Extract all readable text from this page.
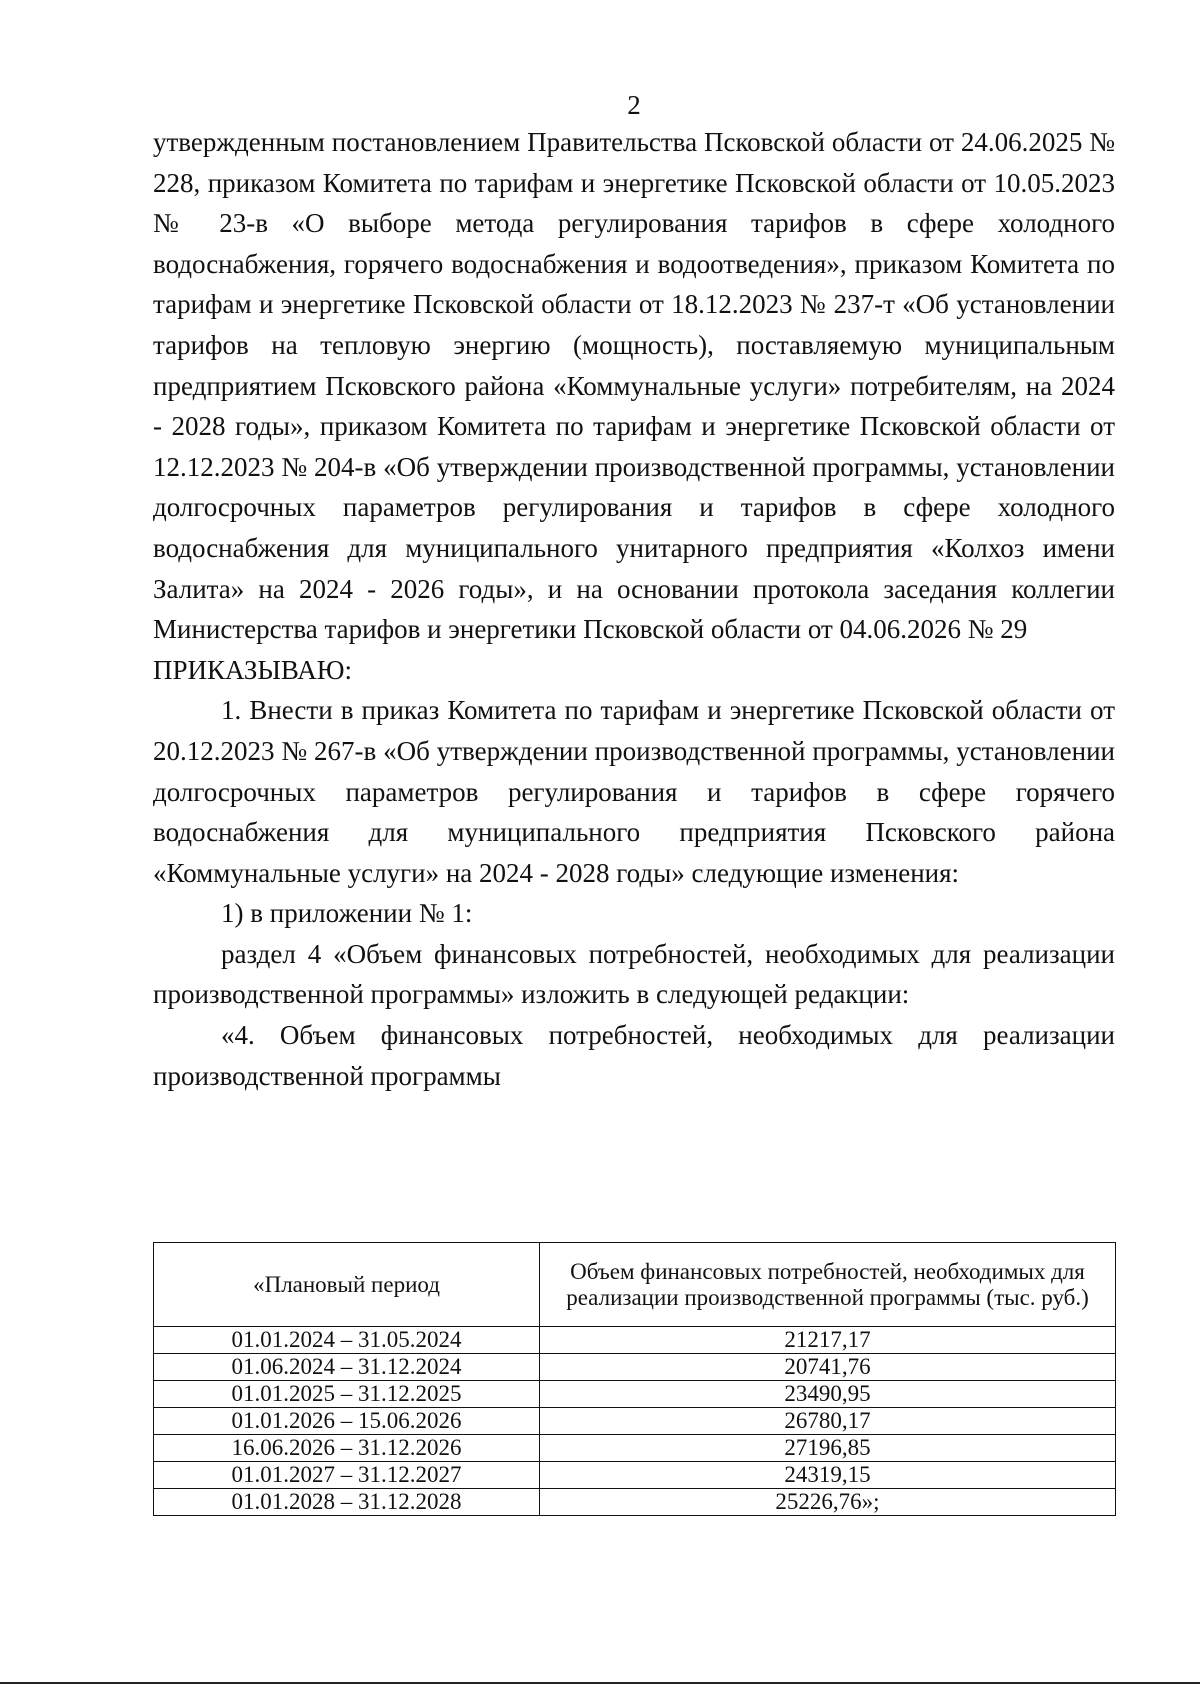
2

утвержденным постановлением Правительства Псковской области от 24.06.2025 № 228, приказом Комитета по тарифам и энергетике Псковской области от 10.05.2023 № 23-в «О выборе метода регулирования тарифов в сфере холодного водоснабжения, горячего водоснабжения и водоотведения», приказом Комитета по тарифам и энергетике Псковской области от 18.12.2023 № 237-т «Об установлении тарифов на тепловую энергию (мощность), поставляемую муниципальным предприятием Псковского района «Коммунальные услуги» потребителям, на 2024 - 2028 годы», приказом Комитета по тарифам и энергетике Псковской области от 12.12.2023 № 204-в «Об утверждении производственной программы, установлении долгосрочных параметров регулирования и тарифов в сфере холодного водоснабжения для муниципального унитарного предприятия «Колхоз имени Залита» на 2024 - 2026 годы», и на основании протокола заседания коллегии Министерства тарифов и энергетики Псковской области от 04.06.2026 № 29

ПРИКАЗЫВАЮ:

1. Внести в приказ Комитета по тарифам и энергетике Псковской области от 20.12.2023 № 267-в «Об утверждении производственной программы, установлении долгосрочных параметров регулирования и тарифов в сфере горячего водоснабжения для муниципального предприятия Псковского района «Коммунальные услуги» на 2024 - 2028 годы» следующие изменения:

1) в приложении № 1:

раздел 4 «Объем финансовых потребностей, необходимых для реализации производственной программы» изложить в следующей редакции:

«4. Объем финансовых потребностей, необходимых для реализации производственной программы

«Плановый период	Объем финансовых потребностей, необходимых для реализации производственной программы (тыс. руб.)
01.01.2024 – 31.05.2024	21217,17
01.06.2024 – 31.12.2024	20741,76
01.01.2025 – 31.12.2025	23490,95
01.01.2026 – 15.06.2026	26780,17
16.06.2026 – 31.12.2026	27196,85
01.01.2027 – 31.12.2027	24319,15
01.01.2028 – 31.12.2028	25226,76»;
